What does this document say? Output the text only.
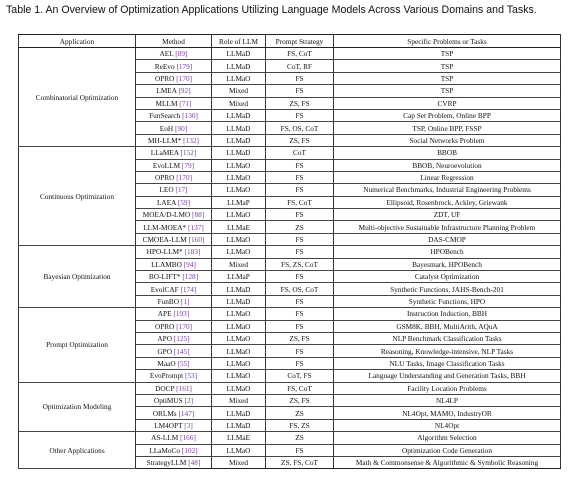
Table 1. An Overview of Optimization Applications Utilizing Language Models Across Various Domains and Tasks.
Application	Method	Role of LLM	Prompt Strategy	Specific Problems or Tasks
Combinatorial Optimization	AEL [89]	LLMaD	FS, CoT	TSP
	ReEvo [179]	LLMaD	CoT, RF	TSP
	OPRO [170]	LLMaO	FS	TSP
	LMEA [92]	Mixed	FS	TSP
	MLLM [71]	Mixed	ZS, FS	CVRP
	FunSearch [130]	LLMaD	FS	Cap Set Problem, Online BPP
	EoH [90]	LLMaD	FS, OS, CoT	TSP, Online BPP, FSSP
	MH-LLM* [132]	LLMaD	ZS, FS	Social Networks Problem
Continuous Optimization	LLaMEA [152]	LLMaD	CoT	BBOB
	EvoLLM [79]	LLMaO	FS	BBOB, Neuroevolution
	OPRO [170]	LLMaO	FS	Linear Regression
	LEO [17]	LLMaO	FS	Numerical Benchmarks, Industrial Engineering Problems
	LAEA [59]	LLMaP	FS, CoT	Ellipsoid, Rosenbrock, Ackley, Griewank
	MOEA/D-LMO [88]	LLMaO	FS	ZDT, UF
	LLM-MOEA* [137]	LLMaE	ZS	Multi-objective Sustainable Infrastructure Planning Problem
	CMOEA-LLM [160]	LLMaO	FS	DAS-CMOP
Bayesian Optimization	HPO-LLM* [183]	LLMaO	FS	HPOBench
	LLAMBO [94]	Mixed	FS, ZS, CoT	Bayesmark, HPOBench
	BO-LIFT* [128]	LLMaP	FS	Catalyst Optimization
	EvolCAF [174]	LLMaD	FS, OS, CoT	Synthetic Functions, JAHS-Bench-201
	FunBO [1]	LLMaD	FS	Synthetic Functions, HPO
Prompt Optimization	APE [193]	LLMaO	FS	Instruction Induction, BBH
	OPRO [170]	LLMaO	FS	GSM8K, BBH, MultiArith, AQuA
	APO [125]	LLMaO	ZS, FS	NLP Benchmark Classification Tasks
	GPO [145]	LLMaO	FS	Reasoning, Knowledge-intensive, NLP Tasks
	MaaO [55]	LLMaO	FS	NLU Tasks, Image Classification Tasks
	EvoPrompt [53]	LLMaO	CoT, FS	Language Understanding and Generation Tasks, BBH
Optimization Modeling	DOCP [161]	LLMaO	FS, CoT	Facility Location Problems
	OptiMUS [2]	Mixed	ZS, FS	NL4LP
	ORLMs [147]	LLMaD	ZS	NL4Opt, MAMO, IndustryOR
	LM4OPT [3]	LLMaD	FS, ZS	NL4Opt
Other Applications	AS-LLM [166]	LLMaE	ZS	Algorithm Selection
	LLaMoCo [102]	LLMaO	FS	Optimization Code Generation
	StrategyLLM [48]	Mixed	ZS, FS, CoT	Math & Commonsense & Algorithmic & Symbolic Reasoning
